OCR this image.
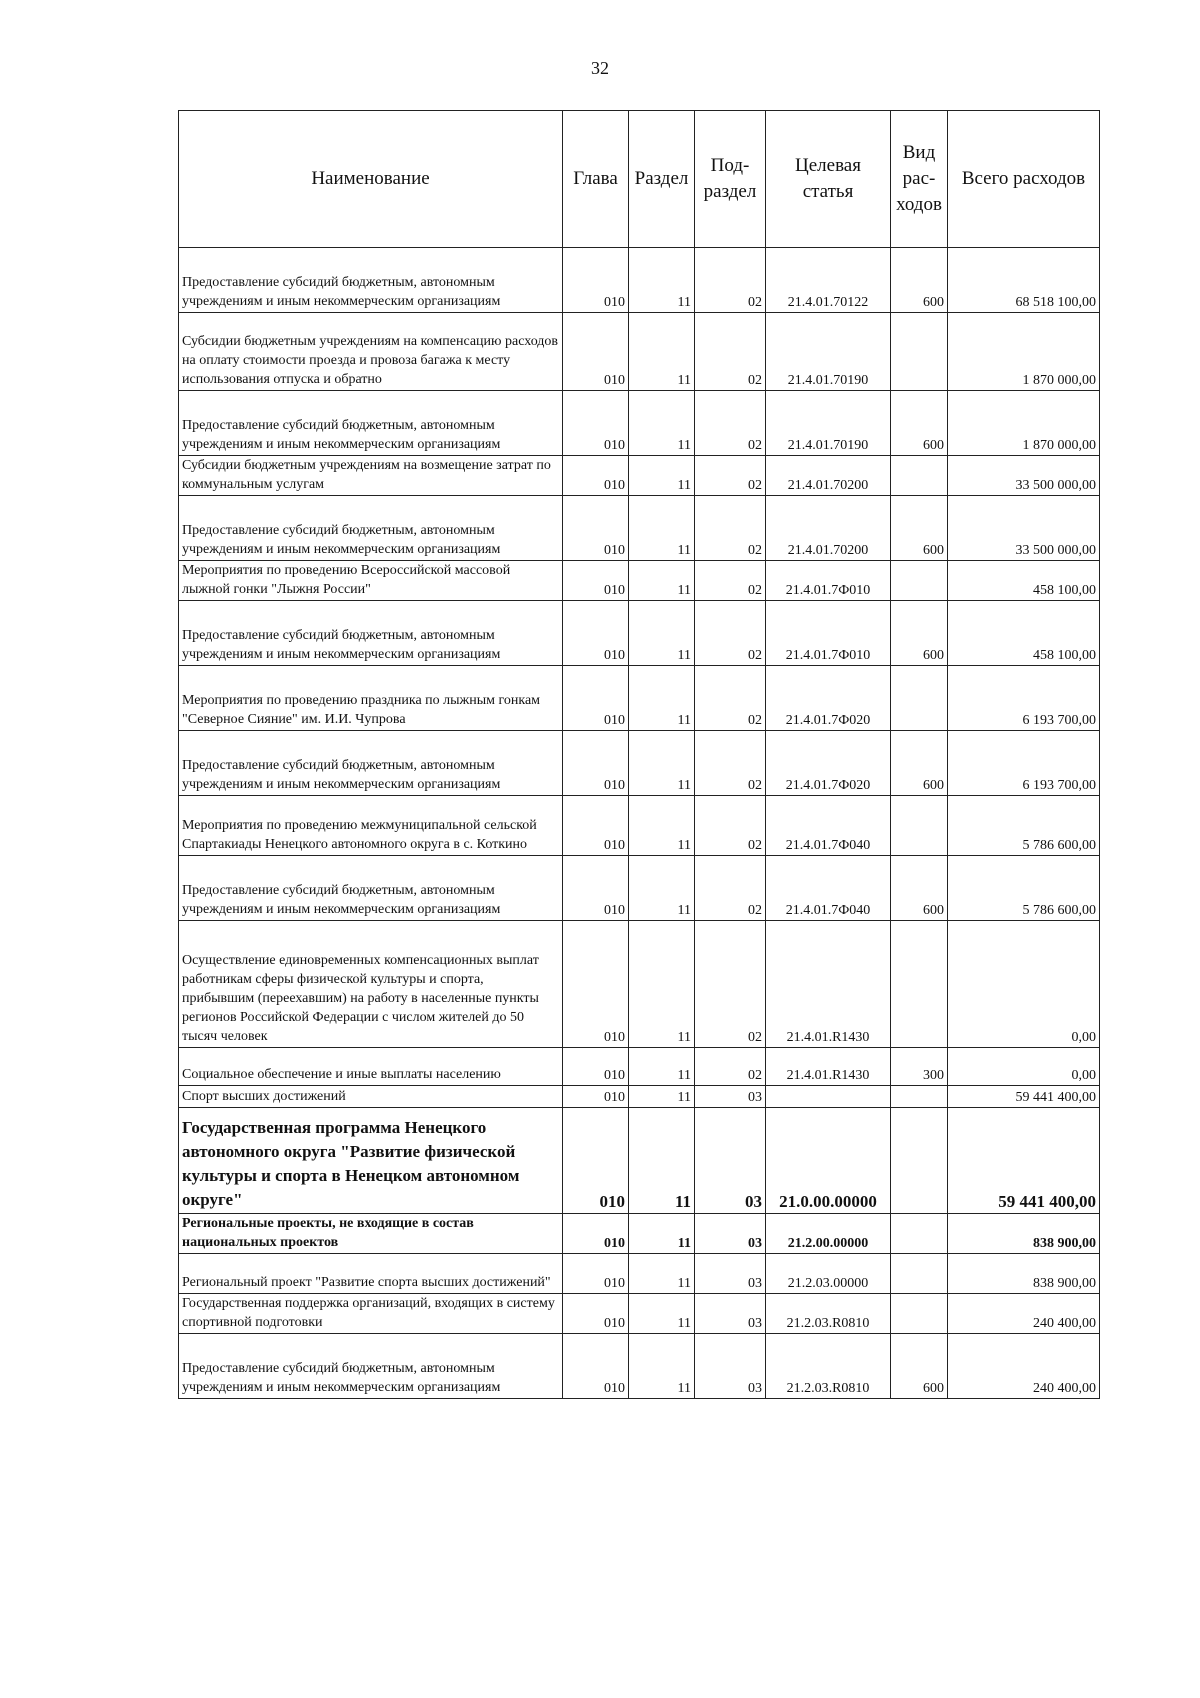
32
Наименование	Глава	Раздел	Под-раздел	Целевая статья	Вид рас-ходов	Всего расходов
Предоставление субсидий бюджетным, автономным учреждениям и иным некоммерческим организациям	010	11	02	21.4.01.70122	600	68 518 100,00
Субсидии бюджетным учреждениям на компенсацию расходов на оплату стоимости проезда и провоза багажа к месту использования отпуска и обратно	010	11	02	21.4.01.70190		1 870 000,00
Предоставление субсидий бюджетным, автономным учреждениям и иным некоммерческим организациям	010	11	02	21.4.01.70190	600	1 870 000,00
Субсидии бюджетным учреждениям на возмещение затрат по коммунальным услугам	010	11	02	21.4.01.70200		33 500 000,00
Предоставление субсидий бюджетным, автономным учреждениям и иным некоммерческим организациям	010	11	02	21.4.01.70200	600	33 500 000,00
Мероприятия по проведению Всероссийской массовой лыжной гонки "Лыжня России"	010	11	02	21.4.01.7Ф010		458 100,00
Предоставление субсидий бюджетным, автономным учреждениям и иным некоммерческим организациям	010	11	02	21.4.01.7Ф010	600	458 100,00
Мероприятия по проведению праздника по лыжным гонкам "Северное Сияние" им. И.И. Чупрова	010	11	02	21.4.01.7Ф020		6 193 700,00
Предоставление субсидий бюджетным, автономным учреждениям и иным некоммерческим организациям	010	11	02	21.4.01.7Ф020	600	6 193 700,00
Мероприятия по проведению межмуниципальной сельской Спартакиады Ненецкого автономного округа в с. Коткино	010	11	02	21.4.01.7Ф040		5 786 600,00
Предоставление субсидий бюджетным, автономным учреждениям и иным некоммерческим организациям	010	11	02	21.4.01.7Ф040	600	5 786 600,00
Осуществление единовременных компенсационных выплат работникам сферы физической культуры и спорта, прибывшим (переехавшим) на работу в населенные пункты регионов Российской Федерации с числом жителей до 50 тысяч человек	010	11	02	21.4.01.R1430		0,00
Социальное обеспечение и иные выплаты населению	010	11	02	21.4.01.R1430	300	0,00
Спорт высших достижений	010	11	03			59 441 400,00
Государственная программа Ненецкого автономного округа "Развитие физической культуры и спорта в Ненецком автономном округе"	010	11	03	21.0.00.00000		59 441 400,00
Региональные проекты, не входящие в состав национальных проектов	010	11	03	21.2.00.00000		838 900,00
Региональный проект "Развитие спорта высших достижений"	010	11	03	21.2.03.00000		838 900,00
Государственная поддержка организаций, входящих в систему спортивной подготовки	010	11	03	21.2.03.R0810		240 400,00
Предоставление субсидий бюджетным, автономным учреждениям и иным некоммерческим организациям	010	11	03	21.2.03.R0810	600	240 400,00
